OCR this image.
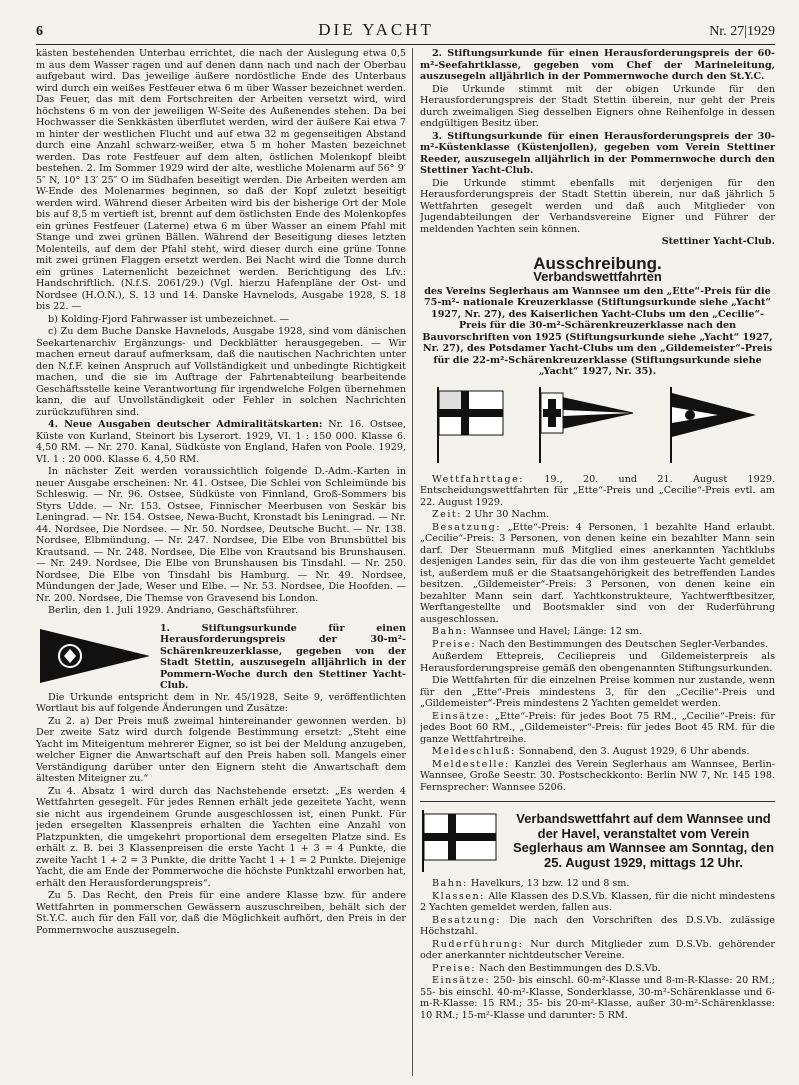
6	DIE YACHT	Nr. 27|1929

kästen bestehenden Unterbau errichtet, die nach der Auslegung etwa 0,5 m aus dem Wasser ragen und auf denen dann nach und nach der Oberbau aufgebaut wird. Das jeweilige äußere nordöstliche Ende des Unterbaus wird durch ein weißes Festfeuer etwa 6 m über Wasser bezeichnet werden. Das Feuer, das mit dem Fortschreiten der Arbeiten versetzt wird, wird höchstens 6 m von der jeweiligen W-Seite des Außenendes stehen. Da bei Hochwasser die Senkkästen überflutet werden, wird der äußere Kai etwa 7 m hinter der westlichen Flucht und auf etwa 32 m gegenseitigen Abstand durch eine Anzahl schwarz-weißer, etwa 5 m hoher Masten bezeichnet werden. Das rote Festfeuer auf dem alten, östlichen Molenkopf bleibt bestehen. 2. Im Sommer 1929 wird der alte, westliche Molenarm auf 56° 9′ 5″ N, 10° 13′ 25″ O im Südhafen beseitigt werden. Die Arbeiten werden am W-Ende des Molenarmes beginnen, so daß der Kopf zuletzt beseitigt werden wird. Während dieser Arbeiten wird bis der bisherige Ort der Mole bis auf 8,5 m vertieft ist, brennt auf dem östlichsten Ende des Molenkopfes ein grünes Festfeuer (Laterne) etwa 6 m über Wasser an einem Pfahl mit Stange und zwei grünen Bällen. Während der Beseitigung dieses letzten Molenteils, auf dem der Pfahl steht, wird dieser durch eine grüne Tonne mit zwei grünen Flaggen ersetzt werden. Bei Nacht wird die Tonne durch ein grünes Laternenlicht bezeichnet werden. Berichtigung des Lfv.: Handschriftlich. (N.f.S. 2061/29.) (Vgl. hierzu Hafenpläne der Ost- und Nordsee (H.O.N.), S. 13 und 14. Danske Havnelods, Ausgabe 1928, S. 18 bis 22. —

b) Kolding-Fjord Fahrwasser ist umbezeichnet. —

c) Zu dem Buche Danske Havnelods, Ausgabe 1928, sind vom dänischen Seekartenarchiv Ergänzungs- und Deckblätter herausgegeben. — Wir machen erneut darauf aufmerksam, daß die nautischen Nachrichten unter den N.f.F. keinen Anspruch auf Vollständigkeit und unbedingte Richtigkeit machen, und die sie im Auftrage der Fahrtenabteilung bearbeitende Geschäftsstelle keine Verantwortung für irgendwelche Folgen übernehmen kann, die auf Unvollständigkeit oder Fehler in solchen Nachrichten zurückzuführen sind.

4. Neue Ausgaben deutscher Admiralitätskarten: Nr. 16. Ostsee, Küste von Kurland, Steinort bis Lyserort. 1929, VI. 1 : 150 000. Klasse 6. 4,50 RM. — Nr. 270. Kanal, Südküste von England, Hafen von Poole. 1929, VI. 1 : 20 000. Klasse 6. 4,50 RM.

In nächster Zeit werden voraussichtlich folgende D.-Adm.-Karten in neuer Ausgabe erscheinen: Nr. 41. Ostsee, Die Schlei von Schleimünde bis Schleswig. — Nr. 96. Ostsee, Südküste von Finnland, Groß-Sommers bis Styrs Udde. — Nr. 153. Ostsee, Finnischer Meerbusen von Seskär bis Leningrad. — Nr. 154. Ostsee, Newa-Bucht, Kronstadt bis Leningrad. — Nr. 44. Nordsee, Die Nordsee. — Nr. 50. Nordsee, Deutsche Bucht. — Nr. 138. Nordsee, Elbmündung. — Nr. 247. Nordsee, Die Elbe von Brunsbüttel bis Krautsand. — Nr. 248. Nordsee, Die Elbe von Krautsand bis Brunshausen. — Nr. 249. Nordsee, Die Elbe von Brunshausen bis Tinsdahl. — Nr. 250. Nordsee, Die Elbe von Tinsdahl bis Hamburg. — Nr. 49. Nordsee, Mündungen der Jade, Weser und Elbe. — Nr. 53. Nordsee, Die Hoofden. — Nr. 200. Nordsee, Die Themse von Gravesend bis London.

Berlin, den 1. Juli 1929. Andriano, Geschäftsführer.

1. Stiftungsurkunde für einen Herausforderungspreis der 30-m²-Schärenkreuzerklasse, gegeben von der Stadt Stettin, auszusegeln alljährlich in der Pommern-Woche durch den Stettiner Yacht-Club.

Die Urkunde entspricht dem in Nr. 45/1928, Seite 9, veröffentlichten Wortlaut bis auf folgende Änderungen und Zusätze:

Zu 2. a) Der Preis muß zweimal hintereinander gewonnen werden. b) Der zweite Satz wird durch folgende Bestimmung ersetzt: „Steht eine Yacht im Miteigentum mehrerer Eigner, so ist bei der Meldung anzugeben, welcher Eigner die Anwartschaft auf den Preis haben soll. Mangels einer Verständigung darüber unter den Eignern steht die Anwartschaft dem ältesten Miteigner zu.“

Zu 4. Absatz 1 wird durch das Nachstehende ersetzt: „Es werden 4 Wettfahrten gesegelt. Für jedes Rennen erhält jede gezeitete Yacht, wenn sie nicht aus irgendeinem Grunde ausgeschlossen ist, einen Punkt. Für jeden ersegelten Klassenpreis erhalten die Yachten eine Anzahl von Platzpunkten, die umgekehrt proportional dem ersegelten Platze sind. Es erhält z. B. bei 3 Klassenpreisen die erste Yacht 1 + 3 = 4 Punkte, die zweite Yacht 1 + 2 = 3 Punkte, die dritte Yacht 1 + 1 = 2 Punkte. Diejenige Yacht, die am Ende der Pommerwoche die höchste Punktzahl erworben hat, erhält den Herausforderungspreis“.

Zu 5. Das Recht, den Preis für eine andere Klasse bzw. für andere Wettfahrten in pommerschen Gewässern auszuschreiben, behält sich der St.Y.C. auch für den Fall vor, daß die Möglichkeit aufhört, den Preis in der Pommernwoche auszusegeln.

2. Stiftungsurkunde für einen Herausforderungspreis der 60-m²-Seefahrtklasse, gegeben vom Chef der Marineleitung, auszusegeln alljährlich in der Pommernwoche durch den St.Y.C.

Die Urkunde stimmt mit der obigen Urkunde für den Herausforderungspreis der Stadt Stettin überein, nur geht der Preis durch zweimaligen Sieg desselben Eigners ohne Reihenfolge in dessen endgültigen Besitz über.

3. Stiftungsurkunde für einen Herausforderungspreis der 30-m²-Küstenklasse (Küstenjollen), gegeben vom Verein Stettiner Reeder, auszusegeln alljährlich in der Pommernwoche durch den Stettiner Yacht-Club.

Die Urkunde stimmt ebenfalls mit derjenigen für den Herausforderungspreis der Stadt Stettin überein, nur daß jährlich 5 Wettfahrten gesegelt werden und daß auch Mitglieder von Jugendabteilungen der Verbandsvereine Eigner und Führer der meldenden Yachten sein können.

Stettiner Yacht-Club.

Ausschreibung.
Verbandswettfahrten

des Vereins Seglerhaus am Wannsee um den „Ette“-Preis für die 75-m²- nationale Kreuzerklasse (Stiftungsurkunde siehe „Yacht“ 1927, Nr. 27), des Kaiserlichen Yacht-Clubs um den „Cecilie“-Preis für die 30-m²-Schärenkreuzerklasse nach den Bauvorschriften von 1925 (Stiftungsurkunde siehe „Yacht“ 1927, Nr. 27), des Potsdamer Yacht-Clubs um den „Gildemeister“-Preis für die 22-m²-Schärenkreuzerklasse (Stiftungsurkunde siehe „Yacht“ 1927, Nr. 35).

Wettfahrttage: 19., 20. und 21. August 1929. Entscheidungswettfahrten für „Ette“-Preis und „Cecilie“-Preis evtl. am 22. August 1929.

Zeit: 2 Uhr 30 Nachm.

Besatzung: „Ette“-Preis: 4 Personen, 1 bezahlte Hand erlaubt. „Cecilie“-Preis: 3 Personen, von denen keine ein bezahlter Mann sein darf. Der Steuermann muß Mitglied eines anerkannten Yachtklubs desjenigen Landes sein, für das die von ihm gesteuerte Yacht gemeldet ist, außerdem muß er die Staatsangehörigkeit des betreffenden Landes besitzen. „Gildemeister“-Preis: 3 Personen, von denen keine ein bezahlter Mann sein darf. Yachtkonstrukteure, Yachtwerftbesitzer, Werftangestellte und Bootsmakler sind von der Ruderführung ausgeschlossen.

Bahn: Wannsee und Havel; Länge: 12 sm.

Preise: Nach den Bestimmungen des Deutschen Segler-Verbandes.

Außerdem Ettepreis, Ceciliepreis und Gildemeisterpreis als Herausforderungspreise gemäß den obengenannten Stiftungsurkunden.

Die Wettfahrten für die einzelnen Preise kommen nur zustande, wenn für den „Ette“-Preis mindestens 3, für den „Cecilie“-Preis und „Gildemeister“-Preis mindestens 2 Yachten gemeldet werden.

Einsätze: „Ette“-Preis: für jedes Boot 75 RM., „Cecilie“-Preis: für jedes Boot 60 RM., „Gildemeister“-Preis: für jedes Boot 45 RM. für die ganze Wettfahrtreihe.

Meldeschluß: Sonnabend, den 3. August 1929, 6 Uhr abends.

Meldestelle: Kanzlei des Verein Seglerhaus am Wannsee, Berlin-Wannsee, Große Seestr. 30. Postscheckkonto: Berlin NW 7, Nr. 145 198. Fernsprecher: Wannsee 5206.

Verbandswettfahrt auf dem Wannsee und der Havel, veranstaltet vom Verein Seglerhaus am Wannsee am Sonntag, den 25. August 1929, mittags 12 Uhr.

Bahn: Havelkurs, 13 bzw. 12 und 8 sm.

Klassen: Alle Klassen des D.S.Vb. Klassen, für die nicht mindestens 2 Yachten gemeldet werden, fallen aus.

Besatzung: Die nach den Vorschriften des D.S.Vb. zulässige Höchstzahl.

Ruderführung: Nur durch Mitglieder zum D.S.Vb. gehörender oder anerkannter nichtdeutscher Vereine.

Preise: Nach den Bestimmungen des D.S.Vb.

Einsätze: 250- bis einschl. 60-m²-Klasse und 8-m-R-Klasse: 20 RM.; 55- bis einschl. 40-m²-Klasse, Sonderklasse, 30-m²-Schärenklasse und 6-m-R-Klasse: 15 RM.; 35- bis 20-m²-Klasse, außer 30-m²-Schärenklasse: 10 RM.; 15-m²-Klasse und darunter: 5 RM.
